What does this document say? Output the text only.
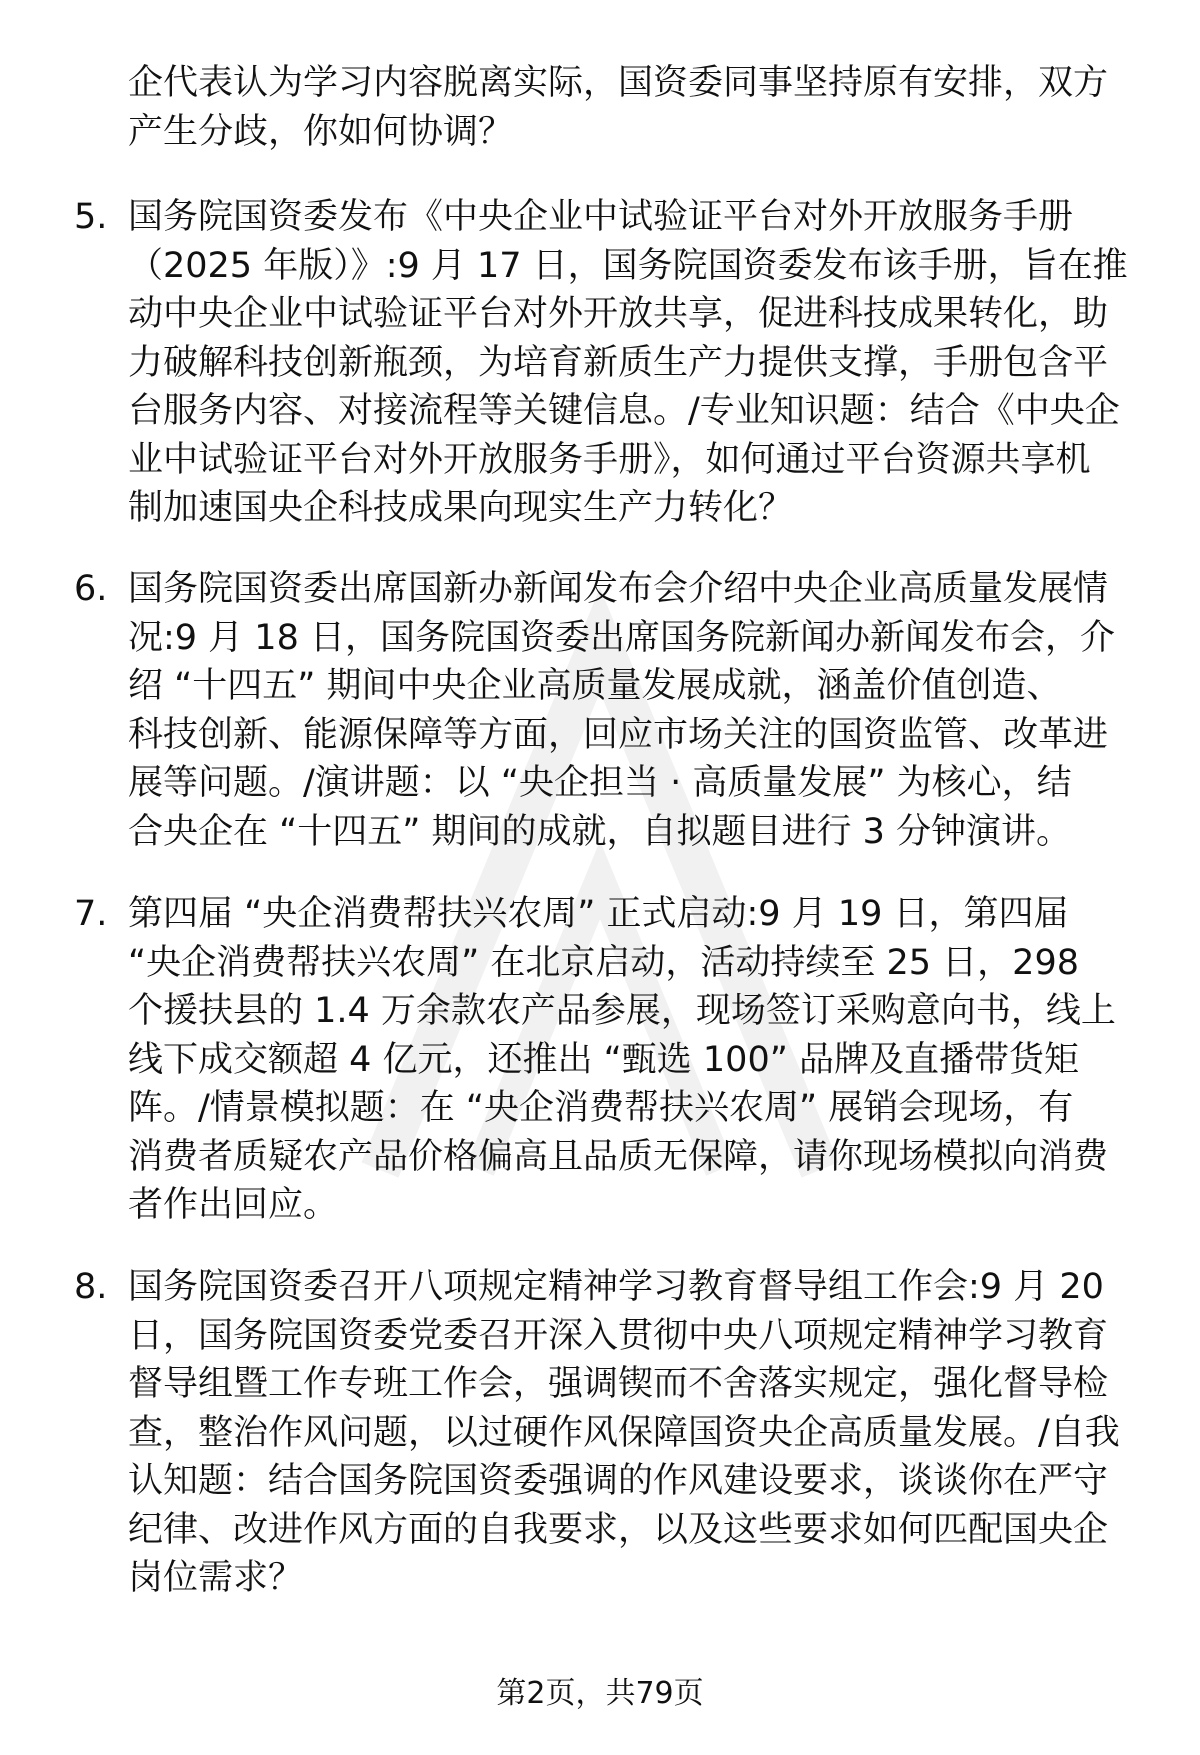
企代表认为学习内容脱离实际，国资委同事坚持原有安排，双方
产生分歧，你如何协调？
5. 国务院国资委发布《中央企业中试验证平台对外开放服务手册
（2025 年版）》:9 月 17 日，国务院国资委发布该手册，旨在推
动中央企业中试验证平台对外开放共享，促进科技成果转化，助
力破解科技创新瓶颈，为培育新质生产力提供支撑，手册包含平
台服务内容、对接流程等关键信息。/专业知识题：结合《中央企
业中试验证平台对外开放服务手册》，如何通过平台资源共享机
制加速国央企科技成果向现实生产力转化？
6. 国务院国资委出席国新办新闻发布会介绍中央企业高质量发展情
况:9 月 18 日，国务院国资委出席国务院新闻办新闻发布会，介
绍 “十四五” 期间中央企业高质量发展成就，涵盖价值创造、
科技创新、能源保障等方面，回应市场关注的国资监管、改革进
展等问题。/演讲题：以 “央企担当 · 高质量发展” 为核心，结
合央企在 “十四五” 期间的成就，自拟题目进行 3 分钟演讲。
7. 第四届 “央企消费帮扶兴农周” 正式启动:9 月 19 日，第四届
“央企消费帮扶兴农周” 在北京启动，活动持续至 25 日，298
个援扶县的 1.4 万余款农产品参展，现场签订采购意向书，线上
线下成交额超 4 亿元，还推出 “甄选 100” 品牌及直播带货矩
阵。/情景模拟题：在 “央企消费帮扶兴农周” 展销会现场，有
消费者质疑农产品价格偏高且品质无保障，请你现场模拟向消费
者作出回应。
8. 国务院国资委召开八项规定精神学习教育督导组工作会:9 月 20
日，国务院国资委党委召开深入贯彻中央八项规定精神学习教育
督导组暨工作专班工作会，强调锲而不舍落实规定，强化督导检
查，整治作风问题，以过硬作风保障国资央企高质量发展。/自我
认知题：结合国务院国资委强调的作风建设要求，谈谈你在严守
纪律、改进作风方面的自我要求，以及这些要求如何匹配国央企
岗位需求？
第2页，共79页
